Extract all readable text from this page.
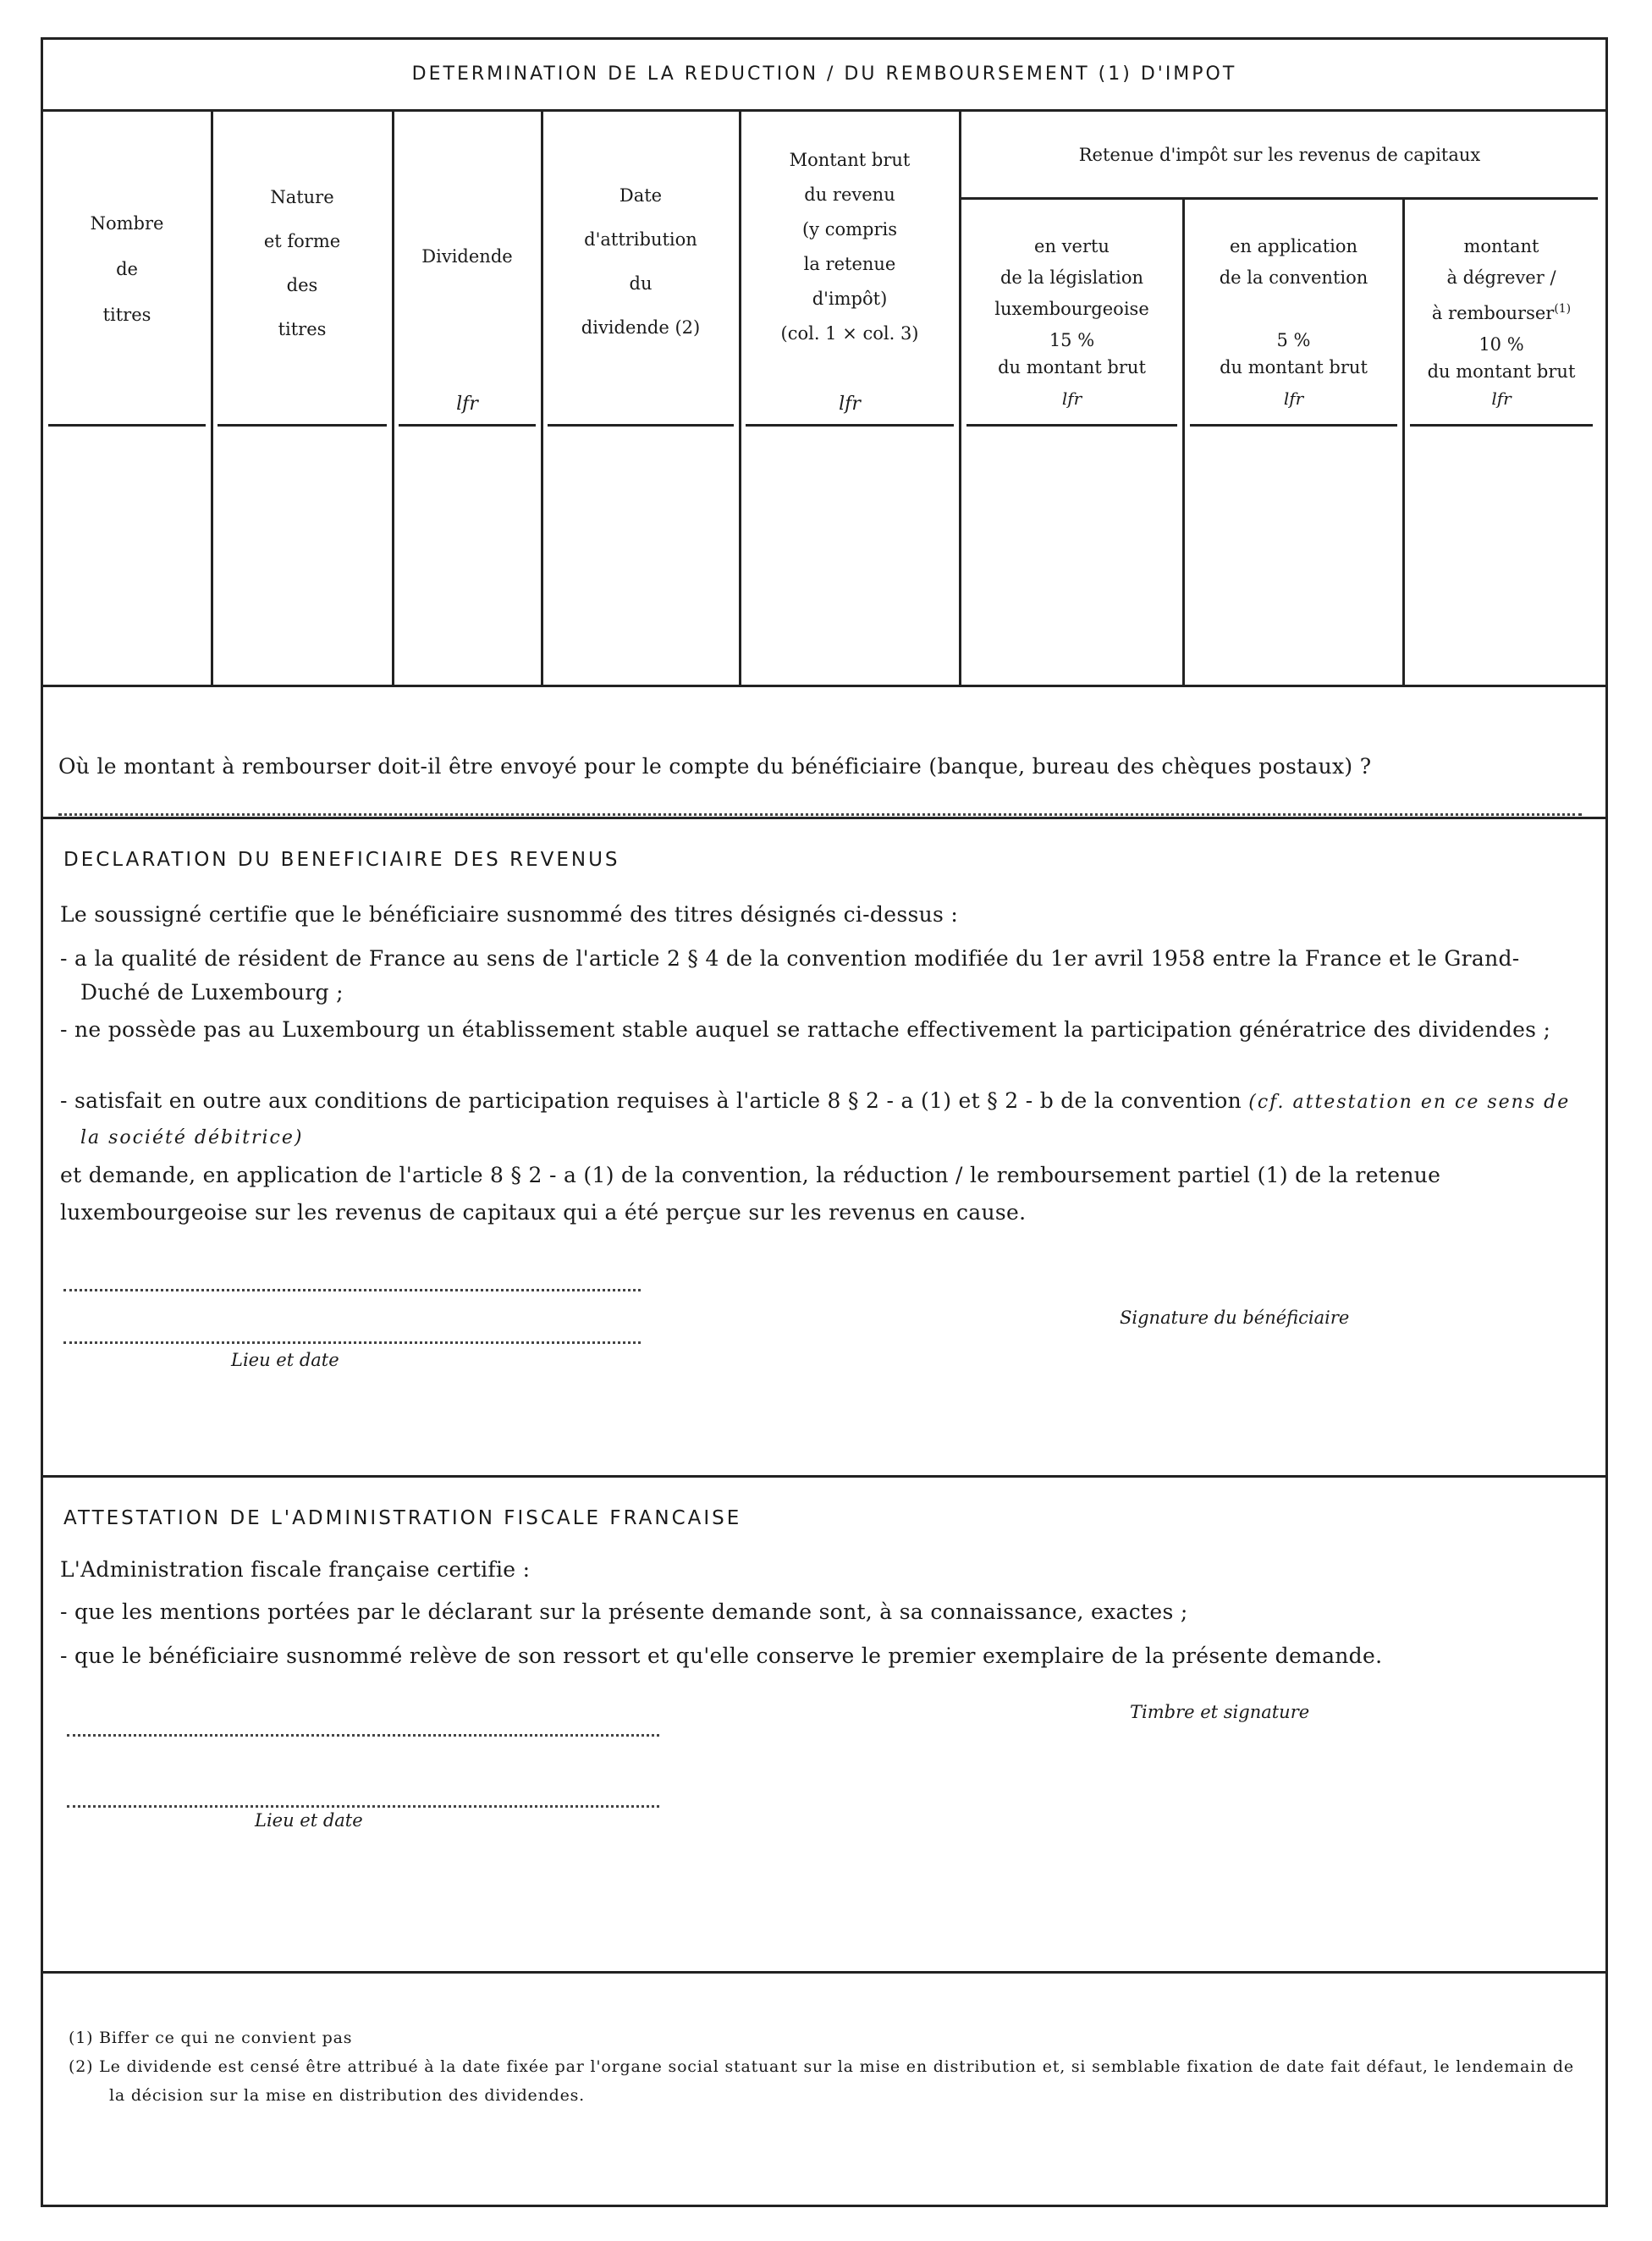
DETERMINATION DE LA REDUCTION / DU REMBOURSEMENT (1) D'IMPOT
Nombre
de
titres
Nature
et forme
des
titres
Dividende
lfr
Date
d'attribution
du
dividende (2)
Montant brut
du revenu
(y compris
la retenue
d'impôt)
(col. 1 × col. 3)
lfr
Retenue d'impôt sur les revenus de capitaux
en vertu
de la législation
luxembourgeoise
15 %
du montant brut
lfr
en application
de la convention

5 %
du montant brut
lfr
montant
à dégrever /
à rembourser$^{(1)}$
10 %
du montant brut
lfr
Où le montant à rembourser doit-il être envoyé pour le compte du bénéficiaire (banque, bureau des chèques postaux) ?
DECLARATION DU BENEFICIAIRE DES REVENUS
Le soussigné certifie que le bénéficiaire susnommé des titres désignés ci-dessus :
- a la qualité de résident de France au sens de l'article 2 § 4 de la convention modifiée du 1er avril 1958 entre la France et le Grand-Duché de Luxembourg ;
- ne possède pas au Luxembourg un établissement stable auquel se rattache effectivement la participation génératrice des dividendes ;
- satisfait en outre aux conditions de participation requises à l'article 8 § 2 - a (1) et § 2 - b de la convention (cf. attestation en ce sens de la société débitrice)
et demande, en application de l'article 8 § 2 - a (1) de la convention, la réduction / le remboursement partiel (1) de la retenue luxembourgeoise sur les revenus de capitaux qui a été perçue sur les revenus en cause.
Signature du bénéficiaire
Lieu et date
ATTESTATION DE L'ADMINISTRATION FISCALE FRANCAISE
L'Administration fiscale française certifie :
- que les mentions portées par le déclarant sur la présente demande sont, à sa connaissance, exactes ;
- que le bénéficiaire susnommé relève de son ressort et qu'elle conserve le premier exemplaire de la présente demande.
Timbre et signature
Lieu et date
(1) Biffer ce qui ne convient pas
(2) Le dividende est censé être attribué à la date fixée par l'organe social statuant sur la mise en distribution et, si semblable fixation de date fait défaut, le lendemain de la décision sur la mise en distribution des dividendes.
